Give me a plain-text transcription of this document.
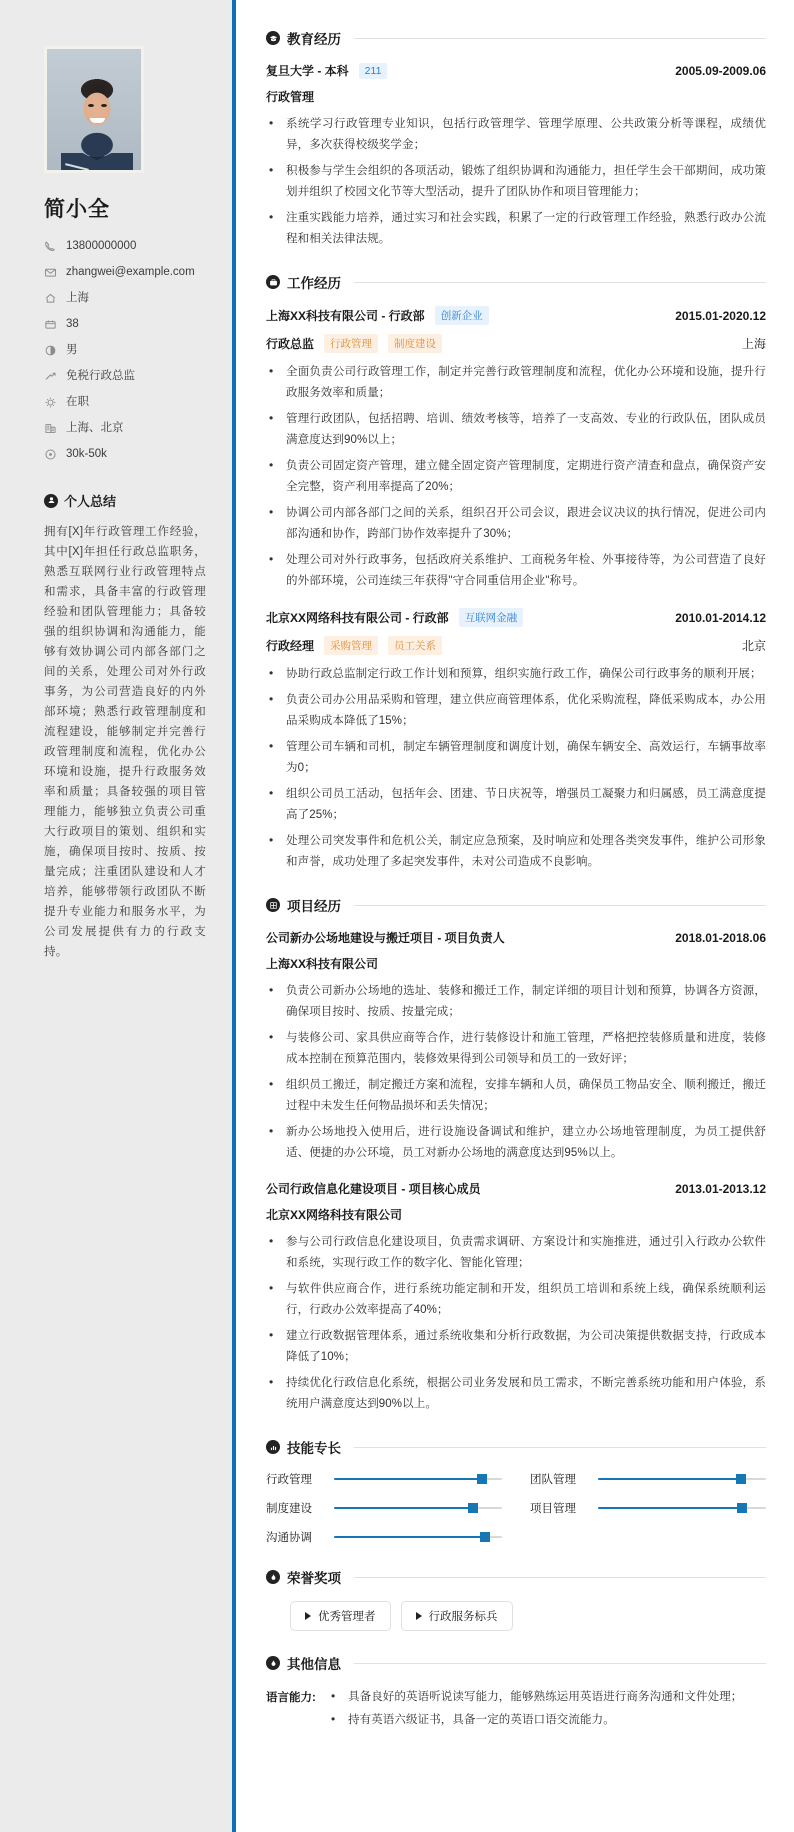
简小全
13800000000
zhangwei@example.com
上海
38
男
免税行政总监
在职
上海、北京
30k-50k
个人总结

拥有[X]年行政管理工作经验，其中[X]年担任行政总监职务，熟悉互联网行业行政管理特点和需求，具备丰富的行政管理经验和团队管理能力；具备较强的组织协调和沟通能力，能够有效协调公司内部各部门之间的关系，处理公司对外行政事务，为公司营造良好的内外部环境；熟悉行政管理制度和流程建设，能够制定并完善行政管理制度和流程，优化办公环境和设施，提升行政服务效率和质量；具备较强的项目管理能力，能够独立负责公司重大行政项目的策划、组织和实施，确保项目按时、按质、按量完成；注重团队建设和人才培养，能够带领行政团队不断提升专业能力和服务水平，为公司发展提供有力的行政支持。

教育经历
复旦大学 - 本科	211	2005.09-2009.06
行政管理
• 系统学习行政管理专业知识，包括行政管理学、管理学原理、公共政策分析等课程，成绩优异，多次获得校级奖学金；
• 积极参与学生会组织的各项活动，锻炼了组织协调和沟通能力，担任学生会干部期间，成功策划并组织了校园文化节等大型活动，提升了团队协作和项目管理能力；
• 注重实践能力培养，通过实习和社会实践，积累了一定的行政管理工作经验，熟悉行政办公流程和相关法律法规。
工作经历
上海XX科技有限公司 - 行政部	创新企业	2015.01-2020.12
行政总监	行政管理	制度建设	上海
• 全面负责公司行政管理工作，制定并完善行政管理制度和流程，优化办公环境和设施，提升行政服务效率和质量；
• 管理行政团队，包括招聘、培训、绩效考核等，培养了一支高效、专业的行政队伍，团队成员满意度达到90%以上；
• 负责公司固定资产管理，建立健全固定资产管理制度，定期进行资产清查和盘点，确保资产安全完整，资产利用率提高了20%；
• 协调公司内部各部门之间的关系，组织召开公司会议，跟进会议决议的执行情况，促进公司内部沟通和协作，跨部门协作效率提升了30%；
• 处理公司对外行政事务，包括政府关系维护、工商税务年检、外事接待等，为公司营造了良好的外部环境，公司连续三年获得"守合同重信用企业"称号。
北京XX网络科技有限公司 - 行政部	互联网金融	2010.01-2014.12
行政经理	采购管理	员工关系	北京
• 协助行政总监制定行政工作计划和预算，组织实施行政工作，确保公司行政事务的顺利开展；
• 负责公司办公用品采购和管理，建立供应商管理体系，优化采购流程，降低采购成本，办公用品采购成本降低了15%；
• 管理公司车辆和司机，制定车辆管理制度和调度计划，确保车辆安全、高效运行，车辆事故率为0；
• 组织公司员工活动，包括年会、团建、节日庆祝等，增强员工凝聚力和归属感，员工满意度提高了25%；
• 处理公司突发事件和危机公关，制定应急预案，及时响应和处理各类突发事件，维护公司形象和声誉，成功处理了多起突发事件，未对公司造成不良影响。
项目经历
公司新办公场地建设与搬迁项目 - 项目负责人	2018.01-2018.06
上海XX科技有限公司
• 负责公司新办公场地的选址、装修和搬迁工作，制定详细的项目计划和预算，协调各方资源，确保项目按时、按质、按量完成；
• 与装修公司、家具供应商等合作，进行装修设计和施工管理，严格把控装修质量和进度，装修成本控制在预算范围内，装修效果得到公司领导和员工的一致好评；
• 组织员工搬迁，制定搬迁方案和流程，安排车辆和人员，确保员工物品安全、顺利搬迁，搬迁过程中未发生任何物品损坏和丢失情况；
• 新办公场地投入使用后，进行设施设备调试和维护，建立办公场地管理制度，为员工提供舒适、便捷的办公环境，员工对新办公场地的满意度达到95%以上。
公司行政信息化建设项目 - 项目核心成员	2013.01-2013.12
北京XX网络科技有限公司
• 参与公司行政信息化建设项目，负责需求调研、方案设计和实施推进，通过引入行政办公软件和系统，实现行政工作的数字化、智能化管理；
• 与软件供应商合作，进行系统功能定制和开发，组织员工培训和系统上线，确保系统顺利运行，行政办公效率提高了40%；
• 建立行政数据管理体系，通过系统收集和分析行政数据，为公司决策提供数据支持，行政成本降低了10%；
• 持续优化行政信息化系统，根据公司业务发展和员工需求，不断完善系统功能和用户体验，系统用户满意度达到90%以上。
技能专长
行政管理	团队管理
制度建设	项目管理
沟通协调
荣誉奖项
优秀管理者	行政服务标兵
其他信息
语言能力:	• 具备良好的英语听说读写能力，能够熟练运用英语进行商务沟通和文件处理；
• 持有英语六级证书，具备一定的英语口语交流能力。
